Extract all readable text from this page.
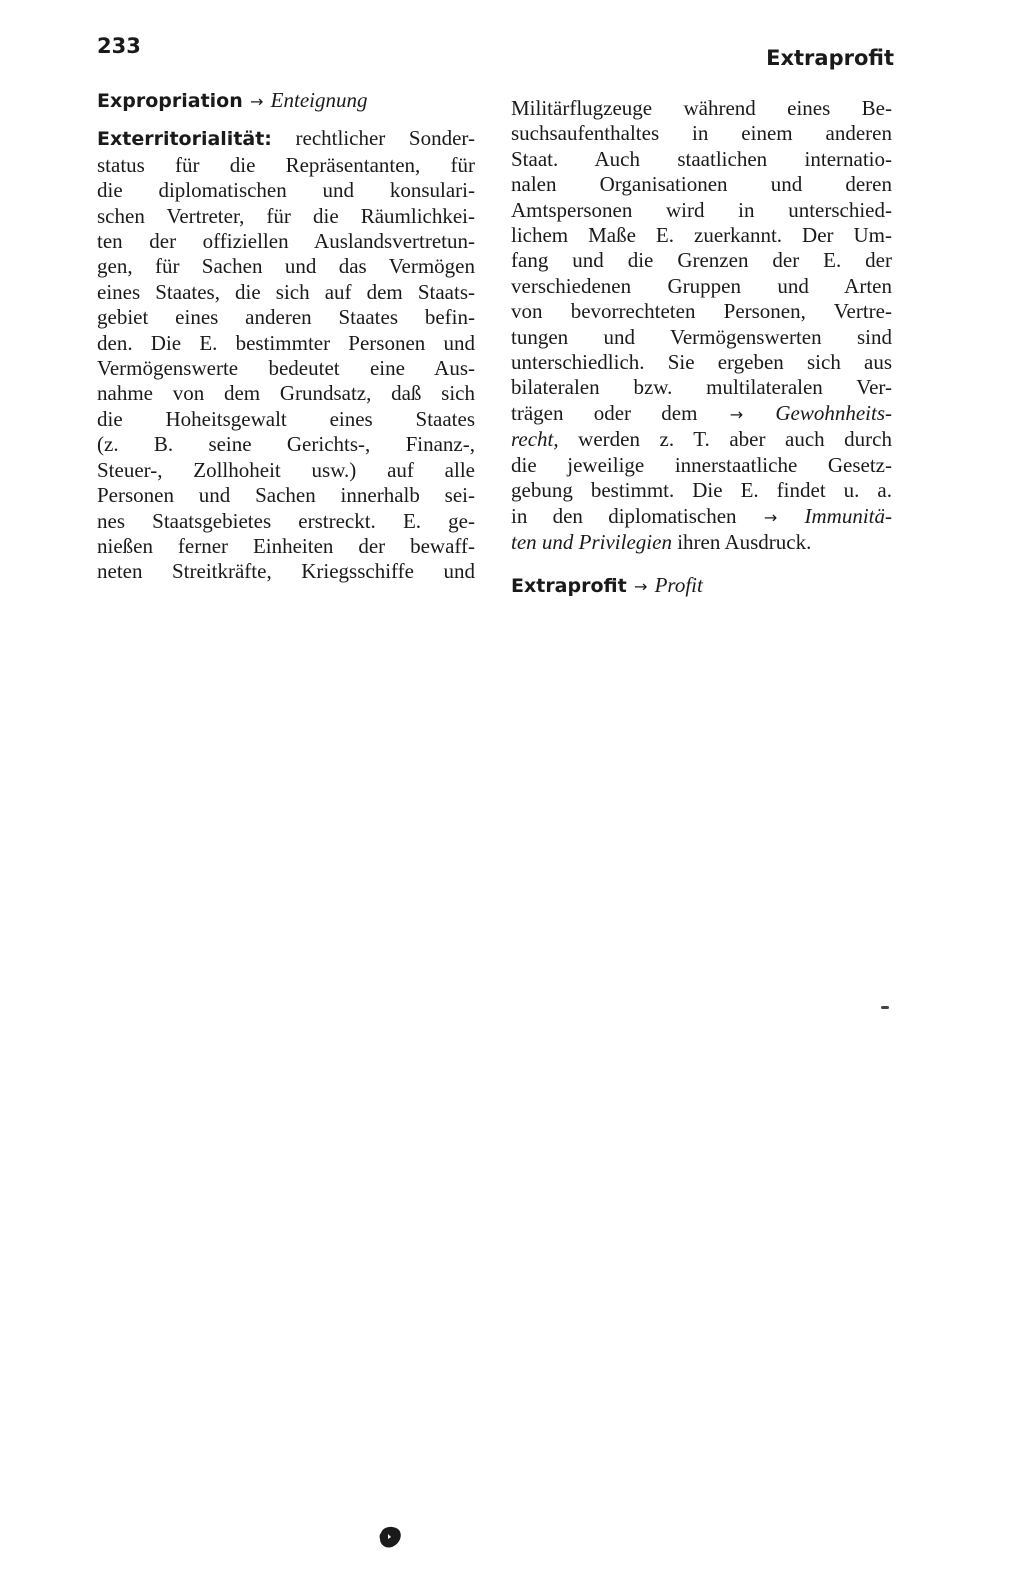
233	Extraprofit
Expropriation → Enteignung
Exterritorialität: rechtlicher Sonder-
status für die Repräsentanten, für
die diplomatischen und konsulari-
schen Vertreter, für die Räumlichkei-
ten der offiziellen Auslandsvertretun-
gen, für Sachen und das Vermögen
eines Staates, die sich auf dem Staats-
gebiet eines anderen Staates befin-
den. Die E. bestimmter Personen und
Vermögenswerte bedeutet eine Aus-
nahme von dem Grundsatz, daß sich
die Hoheitsgewalt eines Staates
(z. B. seine Gerichts-, Finanz-,
Steuer-, Zollhoheit usw.) auf alle
Personen und Sachen innerhalb sei-
nes Staatsgebietes erstreckt. E. ge-
nießen ferner Einheiten der bewaff-
neten Streitkräfte, Kriegsschiffe und
Militärflugzeuge während eines Be-
suchsaufenthaltes in einem anderen
Staat. Auch staatlichen internatio-
nalen Organisationen und deren
Amtspersonen wird in unterschied-
lichem Maße E. zuerkannt. Der Um-
fang und die Grenzen der E. der
verschiedenen Gruppen und Arten
von bevorrechteten Personen, Vertre-
tungen und Vermögenswerten sind
unterschiedlich. Sie ergeben sich aus
bilateralen bzw. multilateralen Ver-
trägen oder dem → Gewohnheits-
recht, werden z. T. aber auch durch
die jeweilige innerstaatliche Gesetz-
gebung bestimmt. Die E. findet u. a.
in den diplomatischen → Immunitä-
ten und Privilegien ihren Ausdruck.
Extraprofit → Profit
